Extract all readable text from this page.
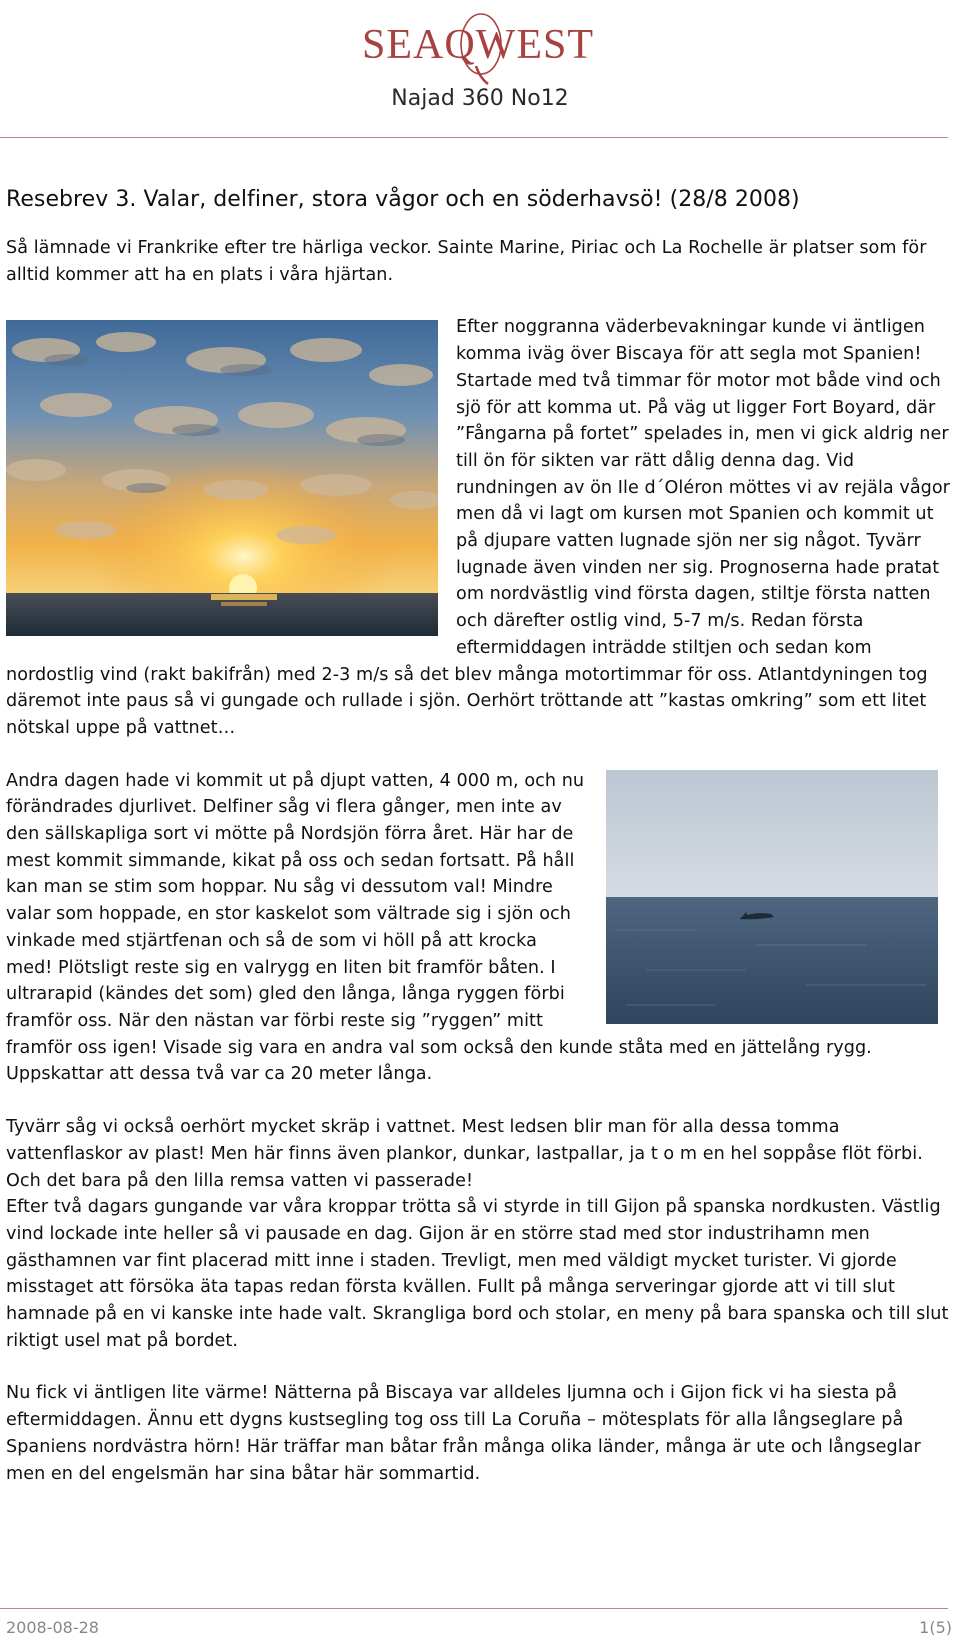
SEAQWEST
Najad 360 No12

Resebrev 3. Valar, delfiner, stora vågor och en söderhavsö! (28/8 2008)

Så lämnade vi Frankrike efter tre härliga veckor. Sainte Marine, Piriac och La Rochelle är platser som för alltid kommer att ha en plats i våra hjärtan.

Efter noggranna väderbevakningar kunde vi äntligen komma iväg över Biscaya för att segla mot Spanien! Startade med två timmar för motor mot både vind och sjö för att komma ut. På väg ut ligger Fort Boyard, där ”Fångarna på fortet” spelades in, men vi gick aldrig ner till ön för sikten var rätt dålig denna dag. Vid rundningen av ön Ile d´Oléron möttes vi av rejäla vågor men då vi lagt om kursen mot Spanien och kommit ut på djupare vatten lugnade sjön ner sig något. Tyvärr lugnade även vinden ner sig. Prognoserna hade pratat om nordvästlig vind första dagen, stiltje första natten och därefter ostlig vind, 5-7 m/s. Redan första eftermiddagen inträdde stiltjen och sedan kom nordostlig vind (rakt bakifrån) med 2-3 m/s så det blev många motortimmar för oss. Atlantdyningen tog däremot inte paus så vi gungade och rullade i sjön. Oerhört tröttande att ”kastas omkring” som ett litet nötskal uppe på vattnet…

Andra dagen hade vi kommit ut på djupt vatten, 4 000 m, och nu förändrades djurlivet. Delfiner såg vi flera gånger, men inte av den sällskapliga sort vi mötte på Nordsjön förra året. Här har de mest kommit simmande, kikat på oss och sedan fortsatt. På håll kan man se stim som hoppar. Nu såg vi dessutom val! Mindre valar som hoppade, en stor kaskelot som vältrade sig i sjön och vinkade med stjärtfenan och så de som vi höll på att krocka med! Plötsligt reste sig en valrygg en liten bit framför båten. I ultrarapid (kändes det som) gled den långa, långa ryggen förbi framför oss. När den nästan var förbi reste sig ”ryggen” mitt framför oss igen! Visade sig vara en andra val som också den kunde ståta med en jättelång rygg. Uppskattar att dessa två var ca 20 meter långa.

Tyvärr såg vi också oerhört mycket skräp i vattnet. Mest ledsen blir man för alla dessa tomma vattenflaskor av plast! Men här finns även plankor, dunkar, lastpallar, ja t o m en hel soppåse flöt förbi. Och det bara på den lilla remsa vatten vi passerade!

Efter två dagars gungande var våra kroppar trötta så vi styrde in till Gijon på spanska nordkusten. Västlig vind lockade inte heller så vi pausade en dag. Gijon är en större stad med stor industrihamn men gästhamnen var fint placerad mitt inne i staden. Trevligt, men med väldigt mycket turister. Vi gjorde misstaget att försöka äta tapas redan första kvällen. Fullt på många serveringar gjorde att vi till slut hamnade på en vi kanske inte hade valt. Skrangliga bord och stolar, en meny på bara spanska och till slut riktigt usel mat på bordet.

Nu fick vi äntligen lite värme! Nätterna på Biscaya var alldeles ljumna och i Gijon fick vi ha siesta på eftermiddagen. Ännu ett dygns kustsegling tog oss till La Coruña – mötesplats för alla långseglare på Spaniens nordvästra hörn! Här träffar man båtar från många olika länder, många är ute och långseglar men en del engelsmän har sina båtar här sommartid.

2008-08-28	1(5)
